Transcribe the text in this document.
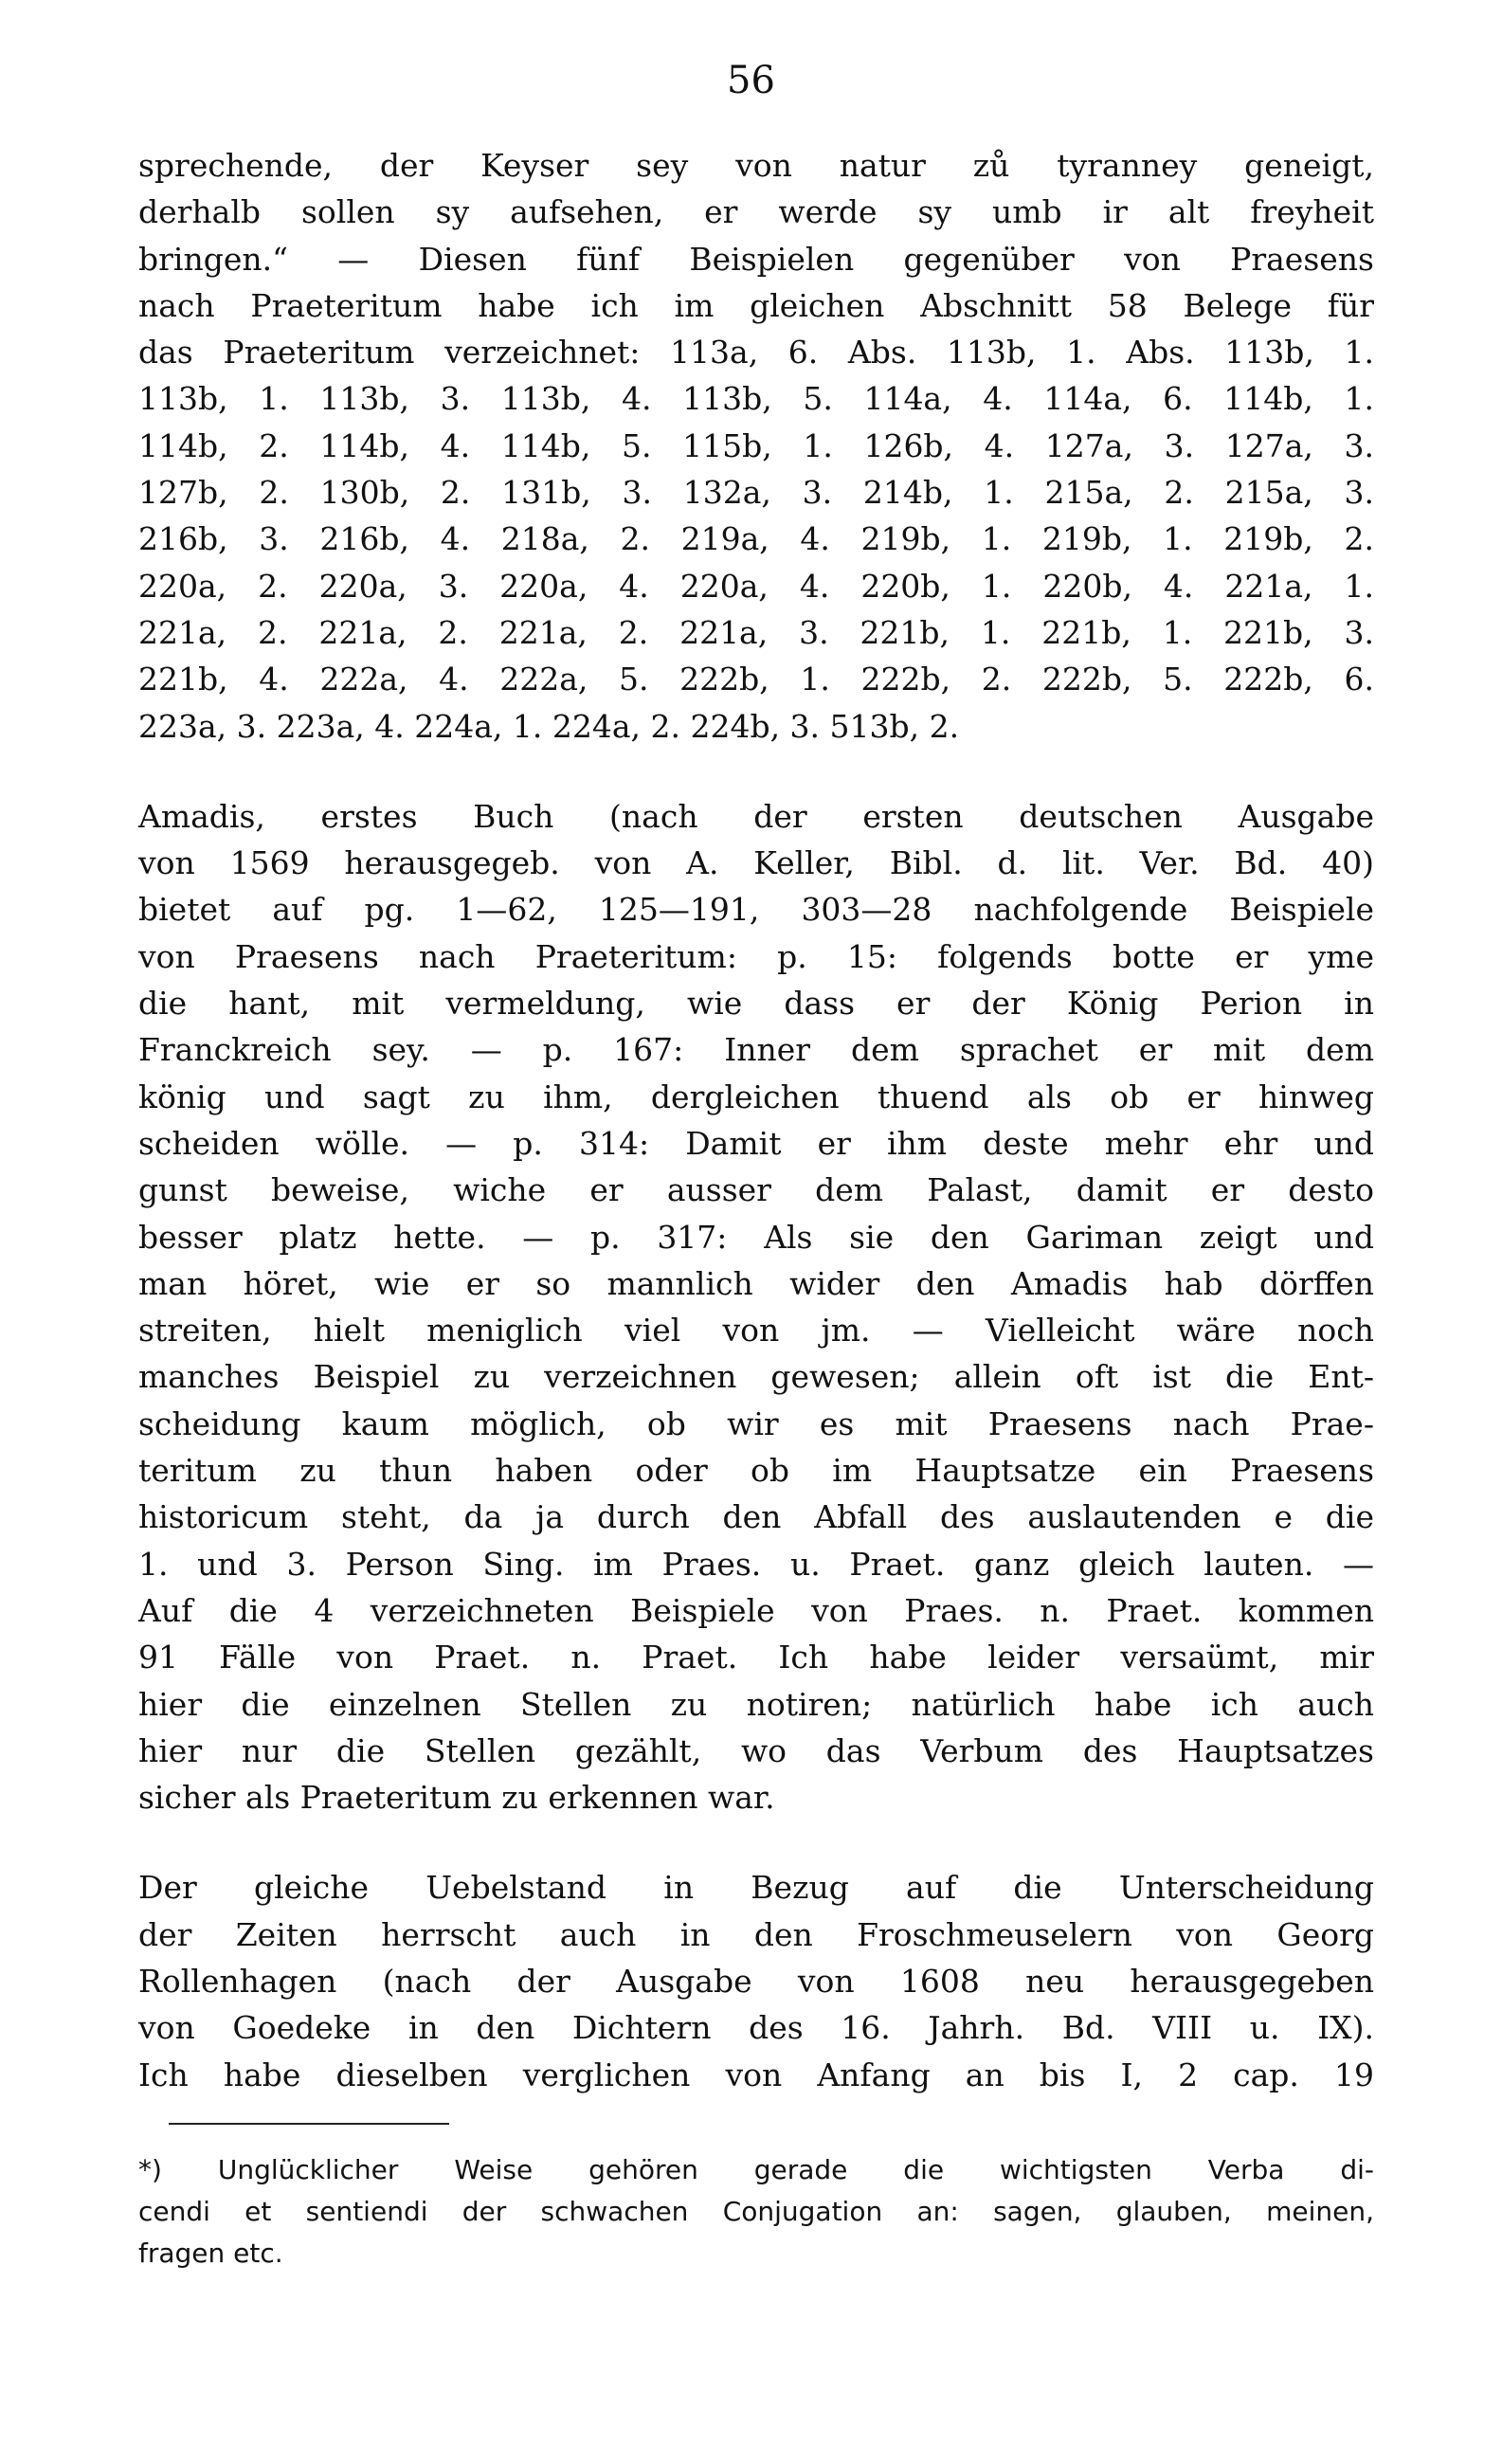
56
sprechende, der Keyser sey von natur zů tyranney geneigt,
derhalb sollen sy aufsehen, er werde sy umb ir alt freyheit
bringen.“ — Diesen fünf Beispielen gegenüber von Praesens
nach Praeteritum habe ich im gleichen Abschnitt 58 Belege für
das Praeteritum verzeichnet: 113a, 6. Abs. 113b, 1. Abs. 113b, 1.
113b, 1. 113b, 3. 113b, 4. 113b, 5. 114a, 4. 114a, 6. 114b, 1.
114b, 2. 114b, 4. 114b, 5. 115b, 1. 126b, 4. 127a, 3. 127a, 3.
127b, 2. 130b, 2. 131b, 3. 132a, 3. 214b, 1. 215a, 2. 215a, 3.
216b, 3. 216b, 4. 218a, 2. 219a, 4. 219b, 1. 219b, 1. 219b, 2.
220a, 2. 220a, 3. 220a, 4. 220a, 4. 220b, 1. 220b, 4. 221a, 1.
221a, 2. 221a, 2. 221a, 2. 221a, 3. 221b, 1. 221b, 1. 221b, 3.
221b, 4. 222a, 4. 222a, 5. 222b, 1. 222b, 2. 222b, 5. 222b, 6.
223a, 3. 223a, 4. 224a, 1. 224a, 2. 224b, 3. 513b, 2.
Amadis, erstes Buch (nach der ersten deutschen Ausgabe
von 1569 herausgegeb. von A. Keller, Bibl. d. lit. Ver. Bd. 40)
bietet auf pg. 1—62, 125—191, 303—28 nachfolgende Beispiele
von Praesens nach Praeteritum: p. 15: folgends botte er yme
die hant, mit vermeldung, wie dass er der König Perion in
Franckreich sey. — p. 167: Inner dem sprachet er mit dem
könig und sagt zu ihm, dergleichen thuend als ob er hinweg
scheiden wölle. — p. 314: Damit er ihm deste mehr ehr und
gunst beweise, wiche er ausser dem Palast, damit er desto
besser platz hette. — p. 317: Als sie den Gariman zeigt und
man höret, wie er so mannlich wider den Amadis hab dörffen
streiten, hielt meniglich viel von jm. — Vielleicht wäre noch
manches Beispiel zu verzeichnen gewesen; allein oft ist die Ent-
scheidung kaum möglich, ob wir es mit Praesens nach Prae-
teritum zu thun haben oder ob im Hauptsatze ein Praesens
historicum steht, da ja durch den Abfall des auslautenden e die
1. und 3. Person Sing. im Praes. u. Praet. ganz gleich lauten. —
Auf die 4 verzeichneten Beispiele von Praes. n. Praet. kommen
91 Fälle von Praet. n. Praet. Ich habe leider versaümt, mir
hier die einzelnen Stellen zu notiren; natürlich habe ich auch
hier nur die Stellen gezählt, wo das Verbum des Hauptsatzes
sicher als Praeteritum zu erkennen war.
Der gleiche Uebelstand in Bezug auf die Unterscheidung
der Zeiten herrscht auch in den Froschmeuselern von Georg
Rollenhagen (nach der Ausgabe von 1608 neu herausgegeben
von Goedeke in den Dichtern des 16. Jahrh. Bd. VIII u. IX).
Ich habe dieselben verglichen von Anfang an bis I, 2 cap. 19
*) Unglücklicher Weise gehören gerade die wichtigsten Verba di-
cendi et sentiendi der schwachen Conjugation an: sagen, glauben, meinen,
fragen etc.
